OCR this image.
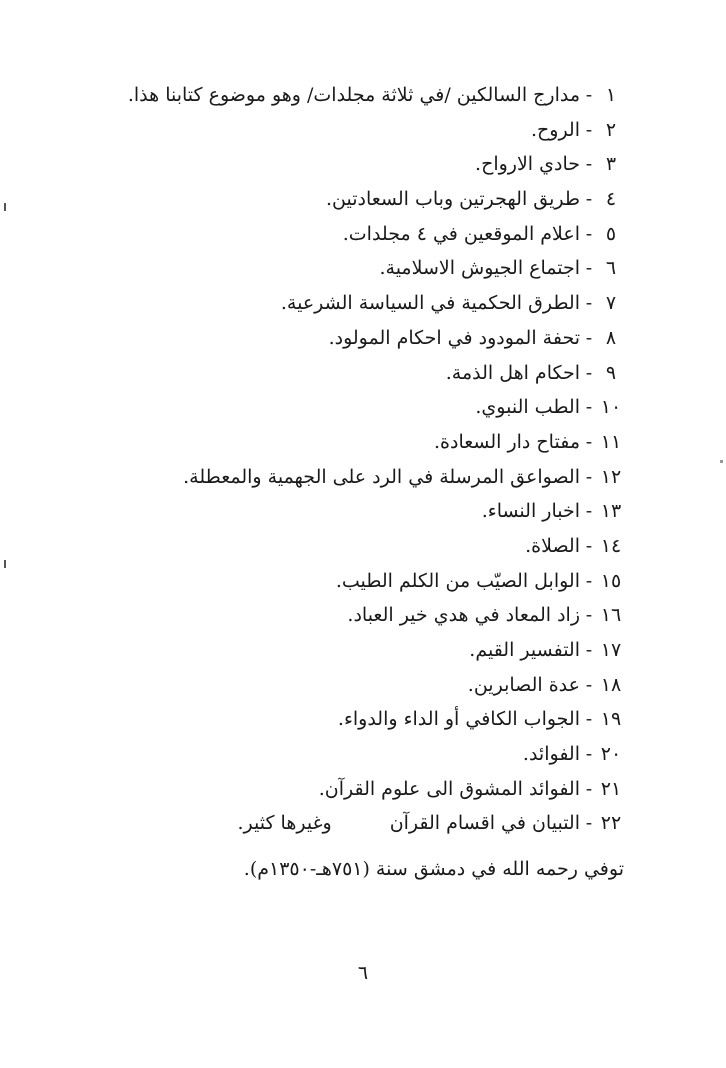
١
-
مدارج السالكين /في ثلاثة مجلدات/ وهو موضوع كتابنا هذا.
٢
-
الروح.
٣
-
حادي الارواح.
٤
-
طريق الهجرتين وباب السعادتين.
٥
-
اعلام الموقعين في ٤ مجلدات.
٦
-
اجتماع الجيوش الاسلامية.
٧
-
الطرق الحكمية في السياسة الشرعية.
٨
-
تحفة المودود في احكام المولود.
٩
-
احكام اهل الذمة.
١٠
-
الطب النبوي.
١١
-
مفتاح دار السعادة.
١٢
-
الصواعق المرسلة في الرد على الجهمية والمعطلة.
١٣
-
اخبار النساء.
١٤
-
الصلاة.
١٥
-
الوابل الصيّب من الكلم الطيب.
١٦
-
زاد المعاد في هدي خير العباد.
١٧
-
التفسير القيم.
١٨
-
عدة الصابرين.
١٩
-
الجواب الكافي أو الداء والدواء.
٢٠
-
الفوائد.
٢١
-
الفوائد المشوق الى علوم القرآن.
٢٢
-
التبيان في اقسام القرآن
وغيرها كثير.
توفي رحمه الله في دمشق سنة (٧٥١هـ-١٣٥٠م).
٦
